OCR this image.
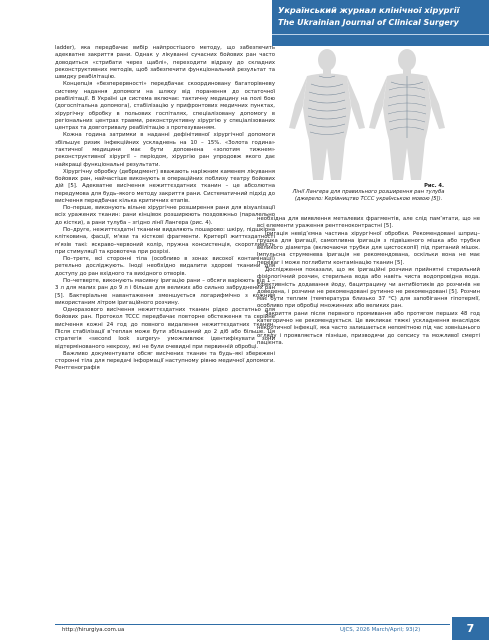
Український журнал клінічної хірургії
The Ukrainian Journal of Clinical Surgery

ladder), яка передбачає вибір найпростішого методу, що забезпечить адекватне закриття рани. Однак у лікуванні сучасних бойових ран часто доводиться «стрибати через щаблі», переходити відразу до складних реконструктивних методів, щоб забезпечити функціональний результат та швидку реабілітацію.

Концепція «безперервності» передбачає скоординовану багаторівневу систему надання допомоги на шляху від поранення до остаточної реабілітації. В Україні ця система включає: тактичну медицину на полі бою (догоспітальна допомога), стабілізацію у прифронтових медичних пунктах, хірургічну обробку в польових госпіталях, спеціалізовану допомогу в регіональних центрах травми, реконструктивну хірургію у спеціалізованих центрах та довготривалу реабілітацію з протезуванням.

Кожна година затримки в наданні дефінітивної хірургічної допомоги збільшує ризик інфекційних ускладнень на 10 – 15%. «Золота година» тактичної медицини має бути доповнена «золотим тижнем» реконструктивної хірургії – періодом, хірургію ран упродовж якого дає найкращі функціональні результати.

Хірургічну обробку (дебридмент) вважають наріжним каменем лікування бойових ран, найчастіше виконують в операційних поблизу театру бойових дій [5]. Адекватне висічення нежиттєздатних тканин – це абсолютна передумова для будь–якого методу закриття рани. Систематичний підхід до висічення передбачає кілька критичних етапів.

По–перше, виконують вільне хірургічне розширення рани для візуалізації всіх уражених тканин: рани кінцівок розширюють поздовжньо (паралельно до кістки), а рани тулуба – згідно лінії Лангера (рис. 4).

По–друге, нежиттєздатні тканини видаляють пошарово: шкіру, підшкірна клітковина, фасції, м'язи та кісткові фрагменти. Критерії життєздатності м'язів такі: яскраво–червоний колір, пружна консистенція, скоротливість при стимуляції та кровотеча при розрізі.

По–третє, всі сторонні тіла (особливо в зонах високої контамінації) ретельно досліджують. Іноді необхідно видалити здорові тканини для доступу до ран вхідного та вихідного отворів.

По–четверте, виконують масивну іригацію рани – обсяги варіюють від 1 – 3 л для малих ран до 9 л і більше для великих або сильно забруднених ран [5]. Бактеріальне навантаження зменшується логарифмічно з кожним використаним літром іригаційного розчину.

Одноразового висічення нежиттєздатних тканин рідко достатньо для бойових ран. Протокол TCCC передбачає повторне обстеження та серійне висічення кожні 24 год до повного видалення нежиттєздатних тканин. Після стабілізації в’теплая може бути збільшений до 2 діб або більше. Ця стратегія «second look surgery» уможливлює ідентифікувати зони відтермінованого некрозу, які не були очевидні при первинній обробці.

Важливо документувати обсяг висічених тканин та будь–які збережені сторонні тіла для передачі інформації наступному рівню медичної допомоги. Рентгенографія

Рис. 4.
Лінії Лангера для правильного розширення ран тулуба
(джерело: Керівництво TCCC українською мовою [5]).

необхідна для виявлення металевих фрагментів, але слід пам’ятати, що не всі елементи ураження рентгеноконтрастні [5].

Іригація невід’ємна частина хірургічної обробки. Рекомендовані шприц–грушка для іригації, самопливна іригація з підвішеного мішка або трубки великого діаметра (включаючи трубки для цистоскопії) під пританий мішок. Імпульсна струменева іригація не рекомендована, оскільки вона не має переваг і може поглибити контамінацію тканин [5].

Дослідження показали, що як іригаційні розчини прийнятні стерильний фізіологічний розчин, стерильна вода або навіть чиста водопровідна вода. Ефективність додавання йоду, бацитрацину чи антибіотиків до розчинів не доведена, і розчини не рекомендовані рутинно не рекомендовані [5]. Розчин має бути теплим (температура близько 37 °С) для запобігання гіпотермії, особливо при обробці множинних або великих ран.

Закриття рани після первного промивання або протягом перших 48 год категорично не рекомендується. Це викликає тяжкі ускладнення внаслідок некротичної інфекції, яка часто залишається непомітною під час зовнішнього огляду і проявляється пізніше, призводячи до сепсису та можливої смерті пацієнта.

http://hirurgiya.com.ua	UJCS, 2026 March/April; 93(2)	7
